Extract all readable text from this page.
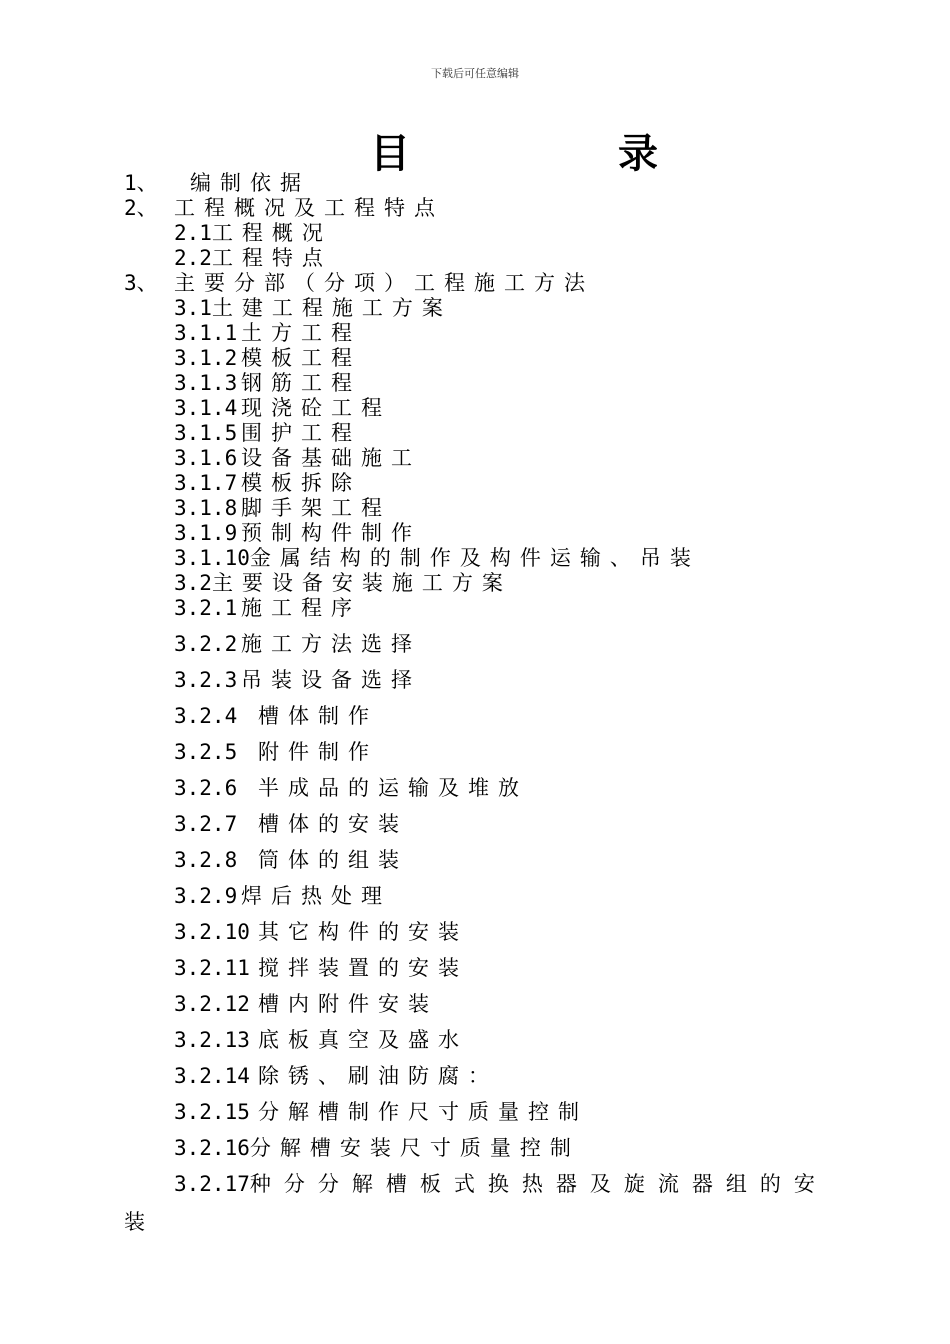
下载后可任意编辑
目	录
1、 编制依据
2、 工程概况及工程特点
2.1工程概况
2.2工程特点
3、 主要分部（分项）工程施工方法
3.1土建工程施工方案
3.1.1 土方工程
3.1.2 模板工程
3.1.3 钢筋工程
3.1.4 现浇砼工程
3.1.5 围护工程
3.1.6 设备基础施工
3.1.7 模板拆除
3.1.8 脚手架工程
3.1.9 预制构件制作
3.1.10金属结构的制作及构件运输、吊装
3.2主要设备安装施工方案
3.2.1 施工程序
3.2.2 施工方法选择
3.2.3 吊装设备选择
3.2.4 槽体制作
3.2.5 附件制作
3.2.6 半成品的运输及堆放
3.2.7 槽体的安装
3.2.8 筒体的组装
3.2.9 焊后热处理
3.2.10 其它构件的安装
3.2.11 搅拌装置的安装
3.2.12 槽内附件安装
3.2.13 底板真空及盛水
3.2.14 除锈、刷油防腐：
3.2.15 分解槽制作尺寸质量控制
3.2.16分解槽安装尺寸质量控制
3.2.17种分分解槽板式换热器及旋流器组的安
装
